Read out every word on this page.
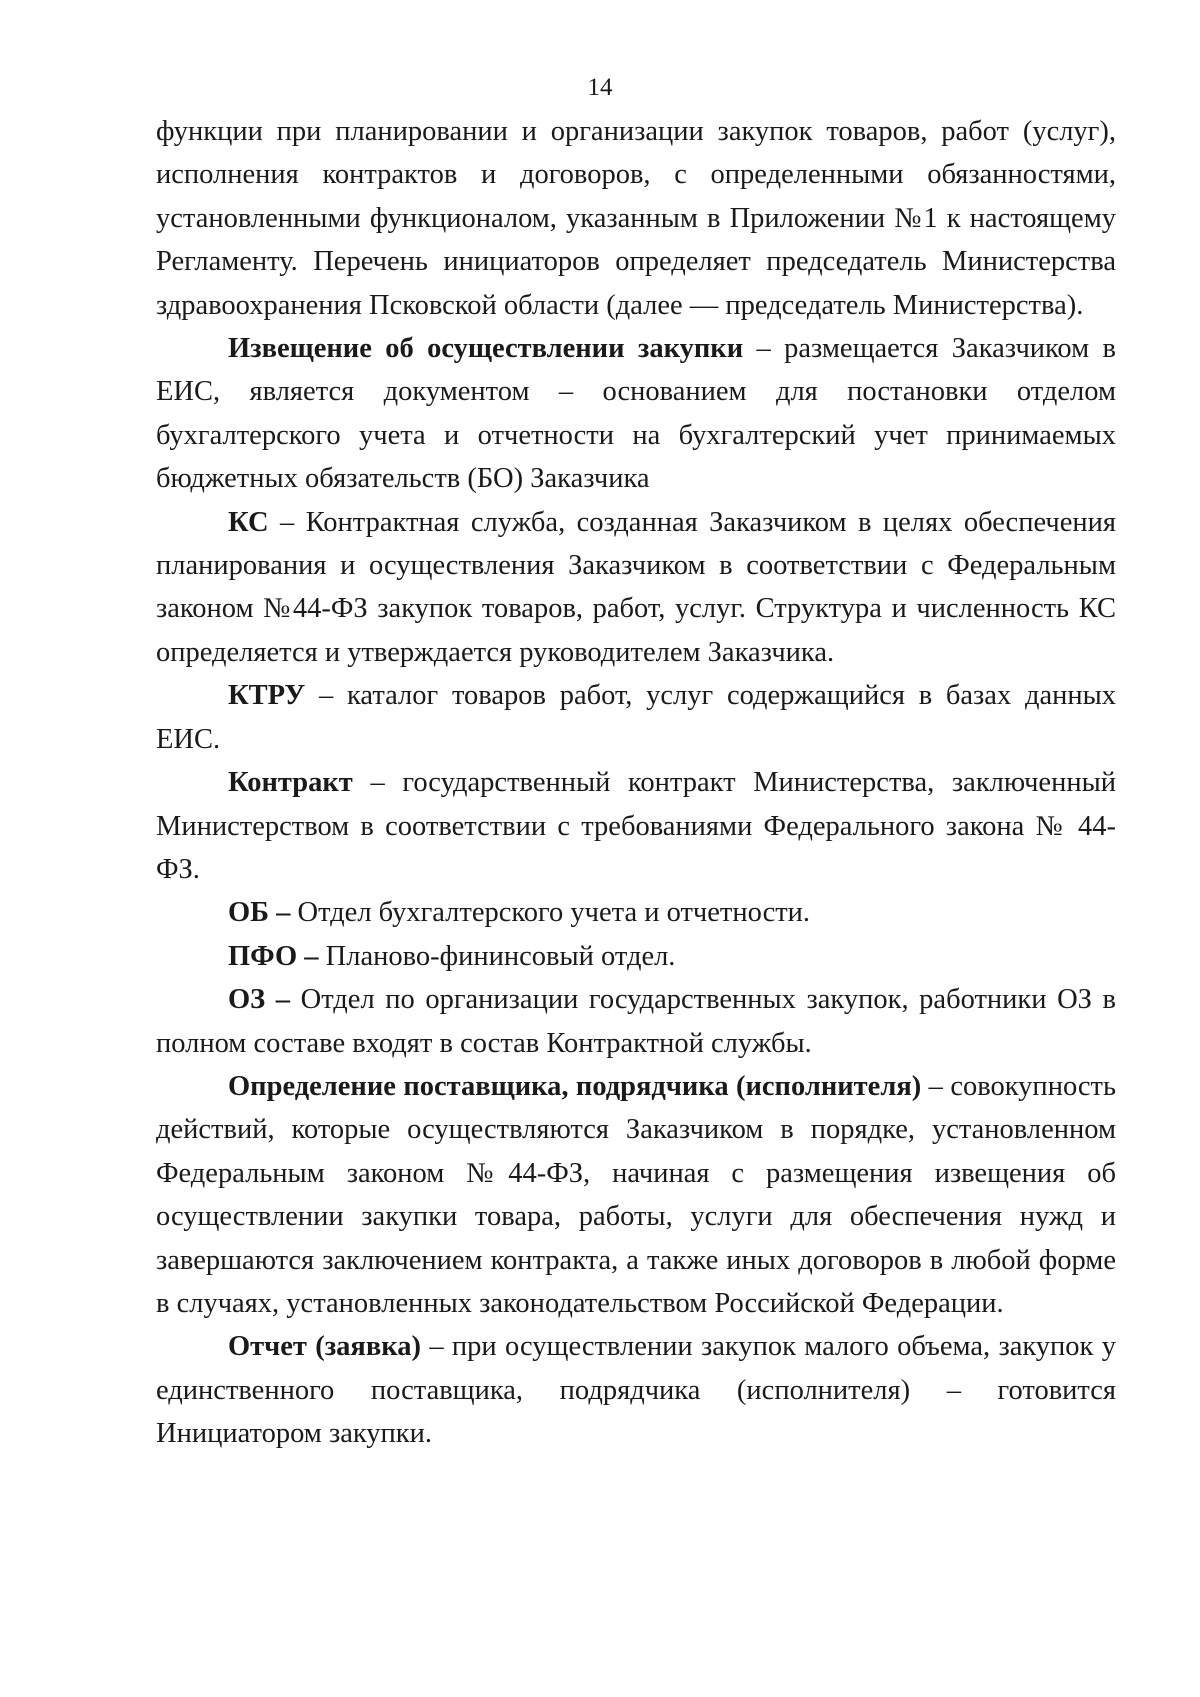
14

функции при планировании и организации закупок товаров, работ (услуг), исполнения контрактов и договоров, с определенными обязанностями, установленными функционалом, указанным в Приложении №1 к настоящему Регламенту. Перечень инициаторов определяет председатель Министерства здравоохранения Псковской области (далее — председатель Министерства).

Извещение об осуществлении закупки – размещается Заказчиком в ЕИС, является документом – основанием для постановки отделом бухгалтерского учета и отчетности на бухгалтерский учет принимаемых бюджетных обязательств (БО) Заказчика

КС – Контрактная служба, созданная Заказчиком в целях обеспечения планирования и осуществления Заказчиком в соответствии с Федеральным законом №44-ФЗ закупок товаров, работ, услуг. Структура и численность КС определяется и утверждается руководителем Заказчика.

КТРУ – каталог товаров работ, услуг содержащийся в базах данных ЕИС.

Контракт – государственный контракт Министерства, заключенный Министерством в соответствии с требованиями Федерального закона № 44-ФЗ.

ОБ – Отдел бухгалтерского учета и отчетности.

ПФО – Планово-фининсовый отдел.

ОЗ – Отдел по организации государственных закупок, работники ОЗ в полном составе входят в состав Контрактной службы.

Определение поставщика, подрядчика (исполнителя) – совокупность действий, которые осуществляются Заказчиком в порядке, установленном Федеральным законом №44-ФЗ, начиная с размещения извещения об осуществлении закупки товара, работы, услуги для обеспечения нужд и завершаются заключением контракта, а также иных договоров в любой форме в случаях, установленных законодательством Российской Федерации.

Отчет (заявка) – при осуществлении закупок малого объема, закупок у единственного поставщика, подрядчика (исполнителя) – готовится Инициатором закупки.
